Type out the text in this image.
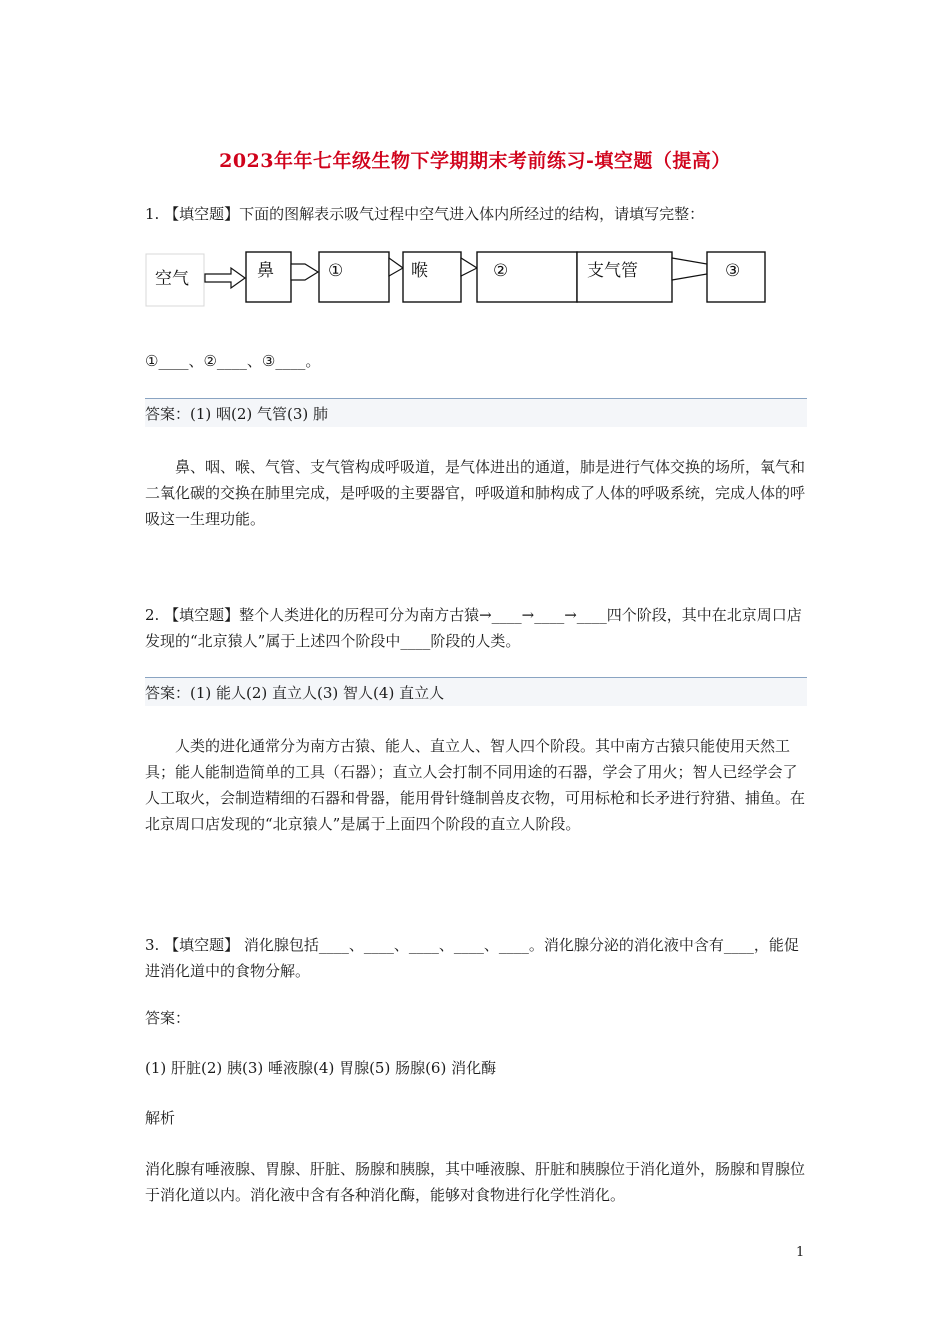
2023年年七年级生物下学期期末考前练习-填空题（提高）
1. 【填空题】下面的图解表示吸气过程中空气进入体内所经过的结构，请填写完整：
空气	鼻	①	喉	②	支气管	③
①____、②____、③____。
答案：(1) 咽(2) 气管(3) 肺
鼻、咽、喉、气管、支气管构成呼吸道，是气体进出的通道，肺是进行气体交换的场所，氧气和二氧化碳的交换在肺里完成，是呼吸的主要器官，呼吸道和肺构成了人体的呼吸系统，完成人体的呼吸这一生理功能。
2. 【填空题】整个人类进化的历程可分为南方古猿→____→____→____四个阶段，其中在北京周口店发现的“北京猿人”属于上述四个阶段中____阶段的人类。
答案：(1) 能人(2) 直立人(3) 智人(4) 直立人
人类的进化通常分为南方古猿、能人、直立人、智人四个阶段。其中南方古猿只能使用天然工具；能人能制造简单的工具（石器）；直立人会打制不同用途的石器，学会了用火；智人已经学会了人工取火，会制造精细的石器和骨器，能用骨针缝制兽皮衣物，可用标枪和长矛进行狩猎、捕鱼。在北京周口店发现的“北京猿人”是属于上面四个阶段的直立人阶段。
3. 【填空题】 消化腺包括____、____、____、____、____。消化腺分泌的消化液中含有____，能促进消化道中的食物分解。
答案：
(1) 肝脏(2) 胰(3) 唾液腺(4) 胃腺(5) 肠腺(6) 消化酶
解析
消化腺有唾液腺、胃腺、肝脏、肠腺和胰腺，其中唾液腺、肝脏和胰腺位于消化道外，肠腺和胃腺位于消化道以内。消化液中含有各种消化酶，能够对食物进行化学性消化。
1
